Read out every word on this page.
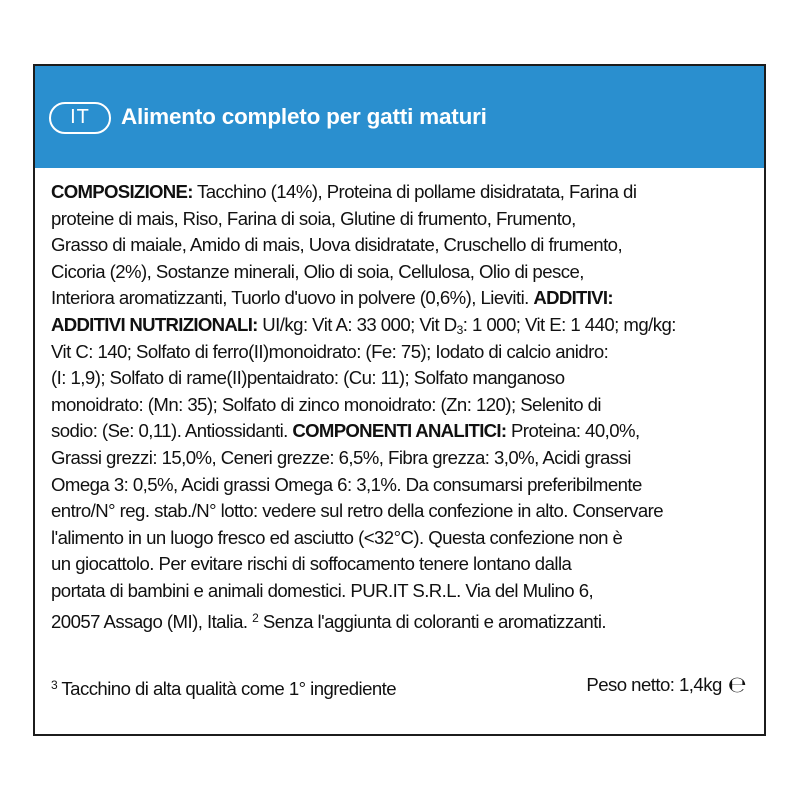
IT	Alimento completo per gatti maturi
COMPOSIZIONE: Tacchino (14%), Proteina di pollame disidratata, Farina di
proteine di mais, Riso, Farina di soia, Glutine di frumento, Frumento,
Grasso di maiale, Amido di mais, Uova disidratate, Cruschello di frumento,
Cicoria (2%), Sostanze minerali, Olio di soia, Cellulosa, Olio di pesce,
Interiora aromatizzanti, Tuorlo d'uovo in polvere (0,6%), Lieviti. ADDITIVI:
ADDITIVI NUTRIZIONALI: UI/kg: Vit A: 33 000; Vit $D_3$: 1 000; Vit E: 1 440; mg/kg:
Vit C: 140; Solfato di ferro(II)monoidrato: (Fe: 75); Iodato di calcio anidro:
(I: 1,9); Solfato di rame(II)pentaidrato: (Cu: 11); Solfato manganoso
monoidrato: (Mn: 35); Solfato di zinco monoidrato: (Zn: 120); Selenito di
sodio: (Se: 0,11). Antiossidanti. COMPONENTI ANALITICI: Proteina: 40,0%,
Grassi grezzi: 15,0%, Ceneri grezze: 6,5%, Fibra grezza: 3,0%, Acidi grassi
Omega 3: 0,5%, Acidi grassi Omega 6: 3,1%. Da consumarsi preferibilmente
entro/N° reg. stab./N° lotto: vedere sul retro della confezione in alto. Conservare
l'alimento in un luogo fresco ed asciutto (<32°C). Questa confezione non è
un giocattolo. Per evitare rischi di soffocamento tenere lontano dalla
portata di bambini e animali domestici. PUR.IT S.R.L. Via del Mulino 6,
20057 Assago (MI), Italia. $^2$ Senza l'aggiunta di coloranti e aromatizzanti.
$^3$ Tacchino di alta qualità come 1° ingrediente	Peso netto: 1,4kg ℮
